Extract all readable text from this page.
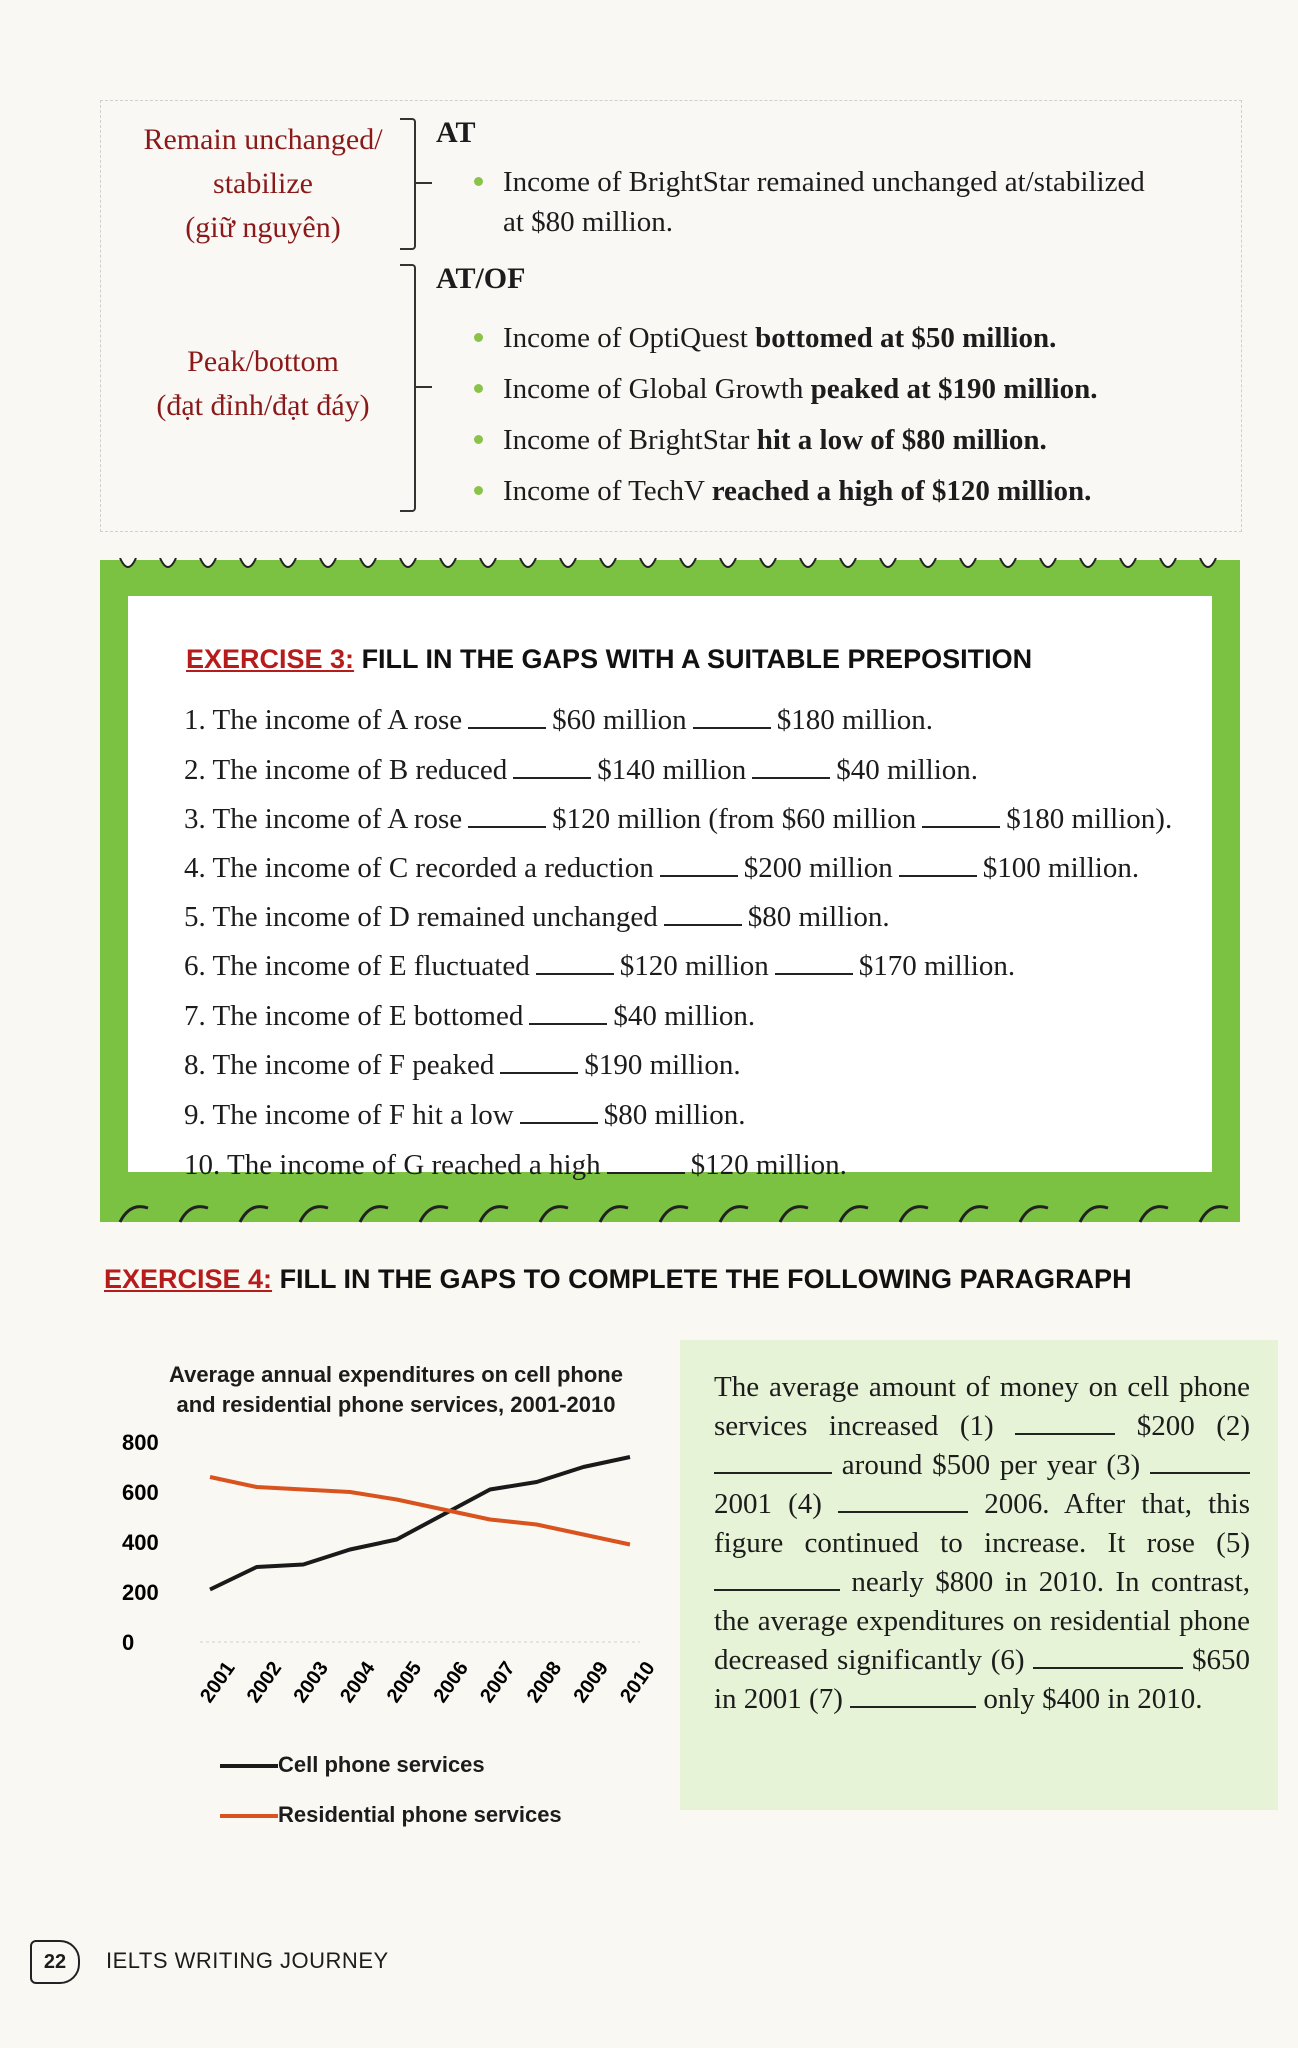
Remain unchanged/
stabilize
(giữ nguyên)
AT
Income of BrightStar remained unchanged at/stabilized
at $80 million.
Peak/bottom
(đạt đỉnh/đạt đáy)
AT/OF
Income of OptiQuest bottomed at $50 million.
Income of Global Growth peaked at $190 million.
Income of BrightStar hit a low of $80 million.
Income of TechV reached a high of $120 million.
EXERCISE 3: FILL IN THE GAPS WITH A SUITABLE PREPOSITION
1. The income of A rose	$60 million	$180 million.
2. The income of B reduced	$140 million	$40 million.
3. The income of A rose	$120 million (from $60 million	$180 million).
4. The income of C recorded a reduction	$200 million	$100 million.
5. The income of D remained unchanged	$80 million.
6. The income of E fluctuated	$120 million	$170 million.
7. The income of E bottomed	$40 million.
8. The income of F peaked	$190 million.
9. The income of F hit a low	$80 million.
10. The income of G reached a high	$120 million.
EXERCISE 4: FILL IN THE GAPS TO COMPLETE THE FOLLOWING PARAGRAPH
Average annual expenditures on cell phone
and residential phone services, 2001-2010
800
600
400
200
0
2001 2002 2003 2004 2005 2006 2007 2008 2009 2010
Cell phone services
Residential phone services
The average amount of money on cell phone services increased (1)	$200 (2)  around $500 per year (3)  2001 (4)	2006. After that, this figure continued to increase. It rose (5)  nearly $800 in 2010. In contrast, the average expenditures on residential phone decreased significantly (6)	$650 in 2001 (7)	only $400 in 2010.
22	IELTS WRITING JOURNEY
